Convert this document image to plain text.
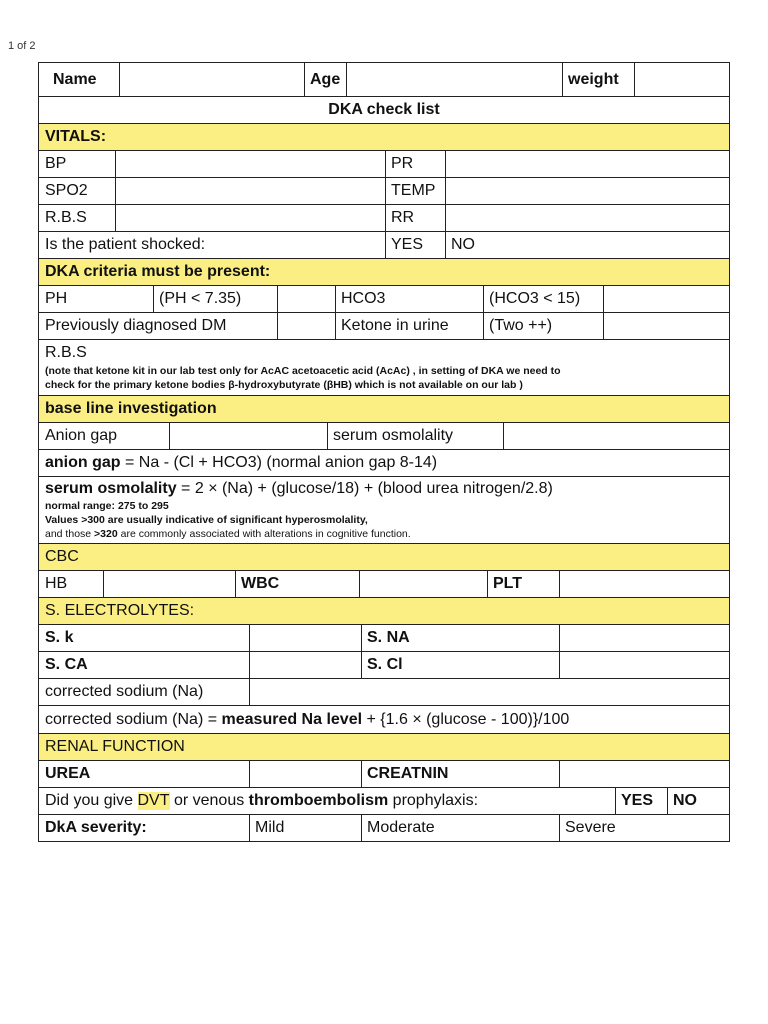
1 of 2
Name	Age	weight
DKA check list
VITALS:
BP	PR
SPO2	TEMP
R.B.S	RR
Is the patient shocked:	YES	NO
DKA criteria must be present:
PH	(PH < 7.35)	HCO3	(HCO3 < 15)
Previously diagnosed DM	Ketone in urine	(Two ++)
R.B.S
(note that ketone kit in our lab test only for AcAC acetoacetic acid (AcAc) , in setting of DKA we need to
check for the primary ketone bodies β-hydroxybutyrate (βHB) which is not available on our lab )
base line investigation
Anion gap	serum osmolality
anion gap = Na - (Cl + HCO3) (normal anion gap 8-14)
serum osmolality = 2 × (Na) + (glucose/18) + (blood urea nitrogen/2.8)
normal range: 275 to 295
Values >300 are usually indicative of significant hyperosmolality,
and those >320 are commonly associated with alterations in cognitive function.
CBC
HB	WBC	PLT
S. ELECTROLYTES:
S. k	S. NA
S. CA	S. Cl
corrected sodium (Na)
corrected sodium (Na) = measured Na level + {1.6 × (glucose - 100)}/100
RENAL FUNCTION
UREA	CREATNIN
Did you give DVT or venous thromboembolism prophylaxis:	YES	NO
DkA severity:	Mild	Moderate	Severe
